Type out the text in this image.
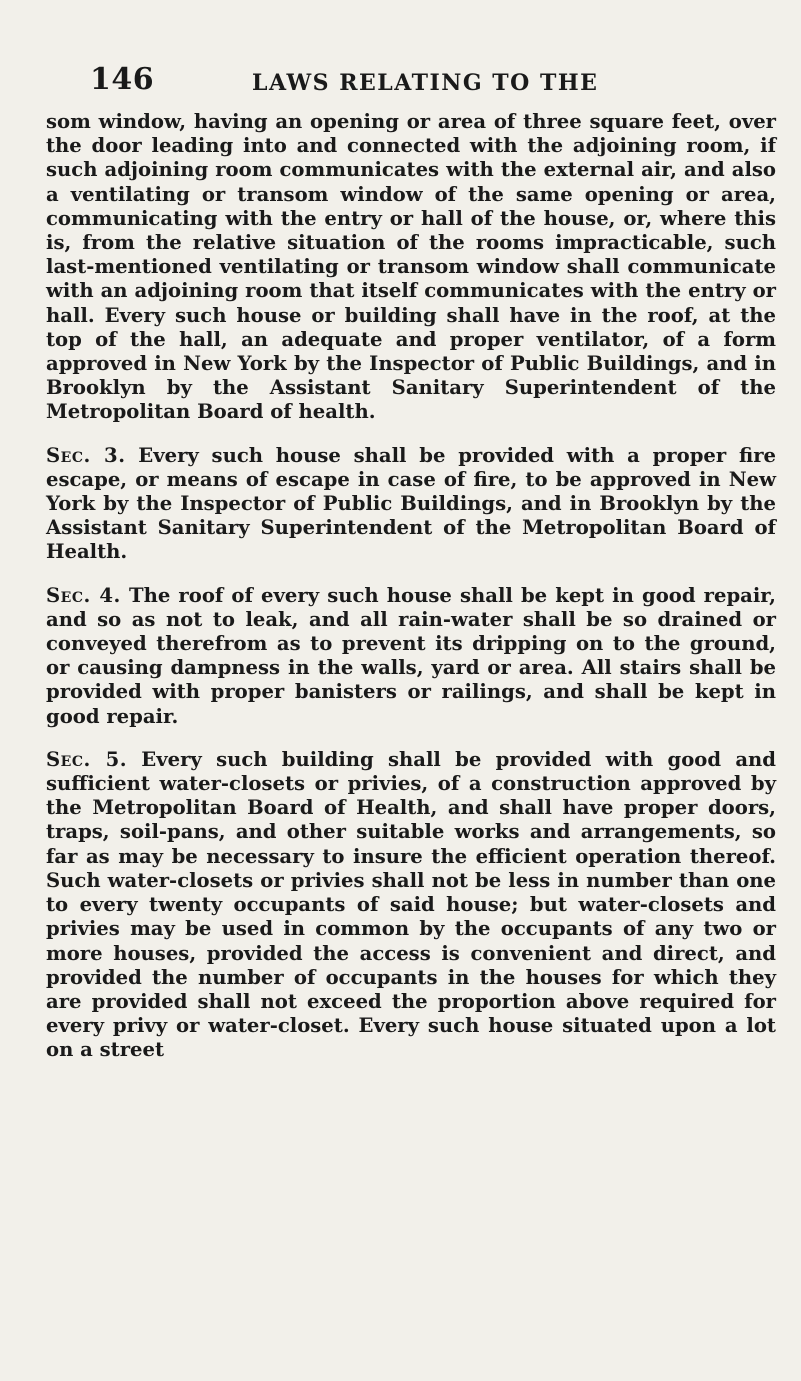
146	LAWS RELATING TO THE

som window, having an opening or area of three square feet, over the door leading into and connected with the adjoining room, if such adjoining room communicates with the external air, and also a ventilating or transom window of the same opening or area, communicating with the entry or hall of the house, or, where this is, from the relative situation of the rooms impracticable, such last-mentioned ventilating or transom window shall communicate with an adjoining room that itself communicates with the entry or hall. Every such house or building shall have in the roof, at the top of the hall, an adequate and proper ventilator, of a form approved in New York by the Inspector of Public Buildings, and in Brooklyn by the Assistant Sanitary Superintendent of the Metropolitan Board of health.

Sec. 3. Every such house shall be provided with a proper fire escape, or means of escape in case of fire, to be approved in New York by the Inspector of Public Buildings, and in Brooklyn by the Assistant Sanitary Superintendent of the Metropolitan Board of Health.

Sec. 4. The roof of every such house shall be kept in good repair, and so as not to leak, and all rain-water shall be so drained or conveyed therefrom as to prevent its dripping on to the ground, or causing dampness in the walls, yard or area. All stairs shall be provided with proper banisters or railings, and shall be kept in good repair.

Sec. 5. Every such building shall be provided with good and sufficient water-closets or privies, of a construction approved by the Metropolitan Board of Health, and shall have proper doors, traps, soil-pans, and other suitable works and arrangements, so far as may be necessary to insure the efficient operation thereof. Such water-closets or privies shall not be less in number than one to every twenty occupants of said house; but water-closets and privies may be used in common by the occupants of any two or more houses, provided the access is convenient and direct, and provided the number of occupants in the houses for which they are provided shall not exceed the proportion above required for every privy or water-closet. Every such house situated upon a lot on a street
